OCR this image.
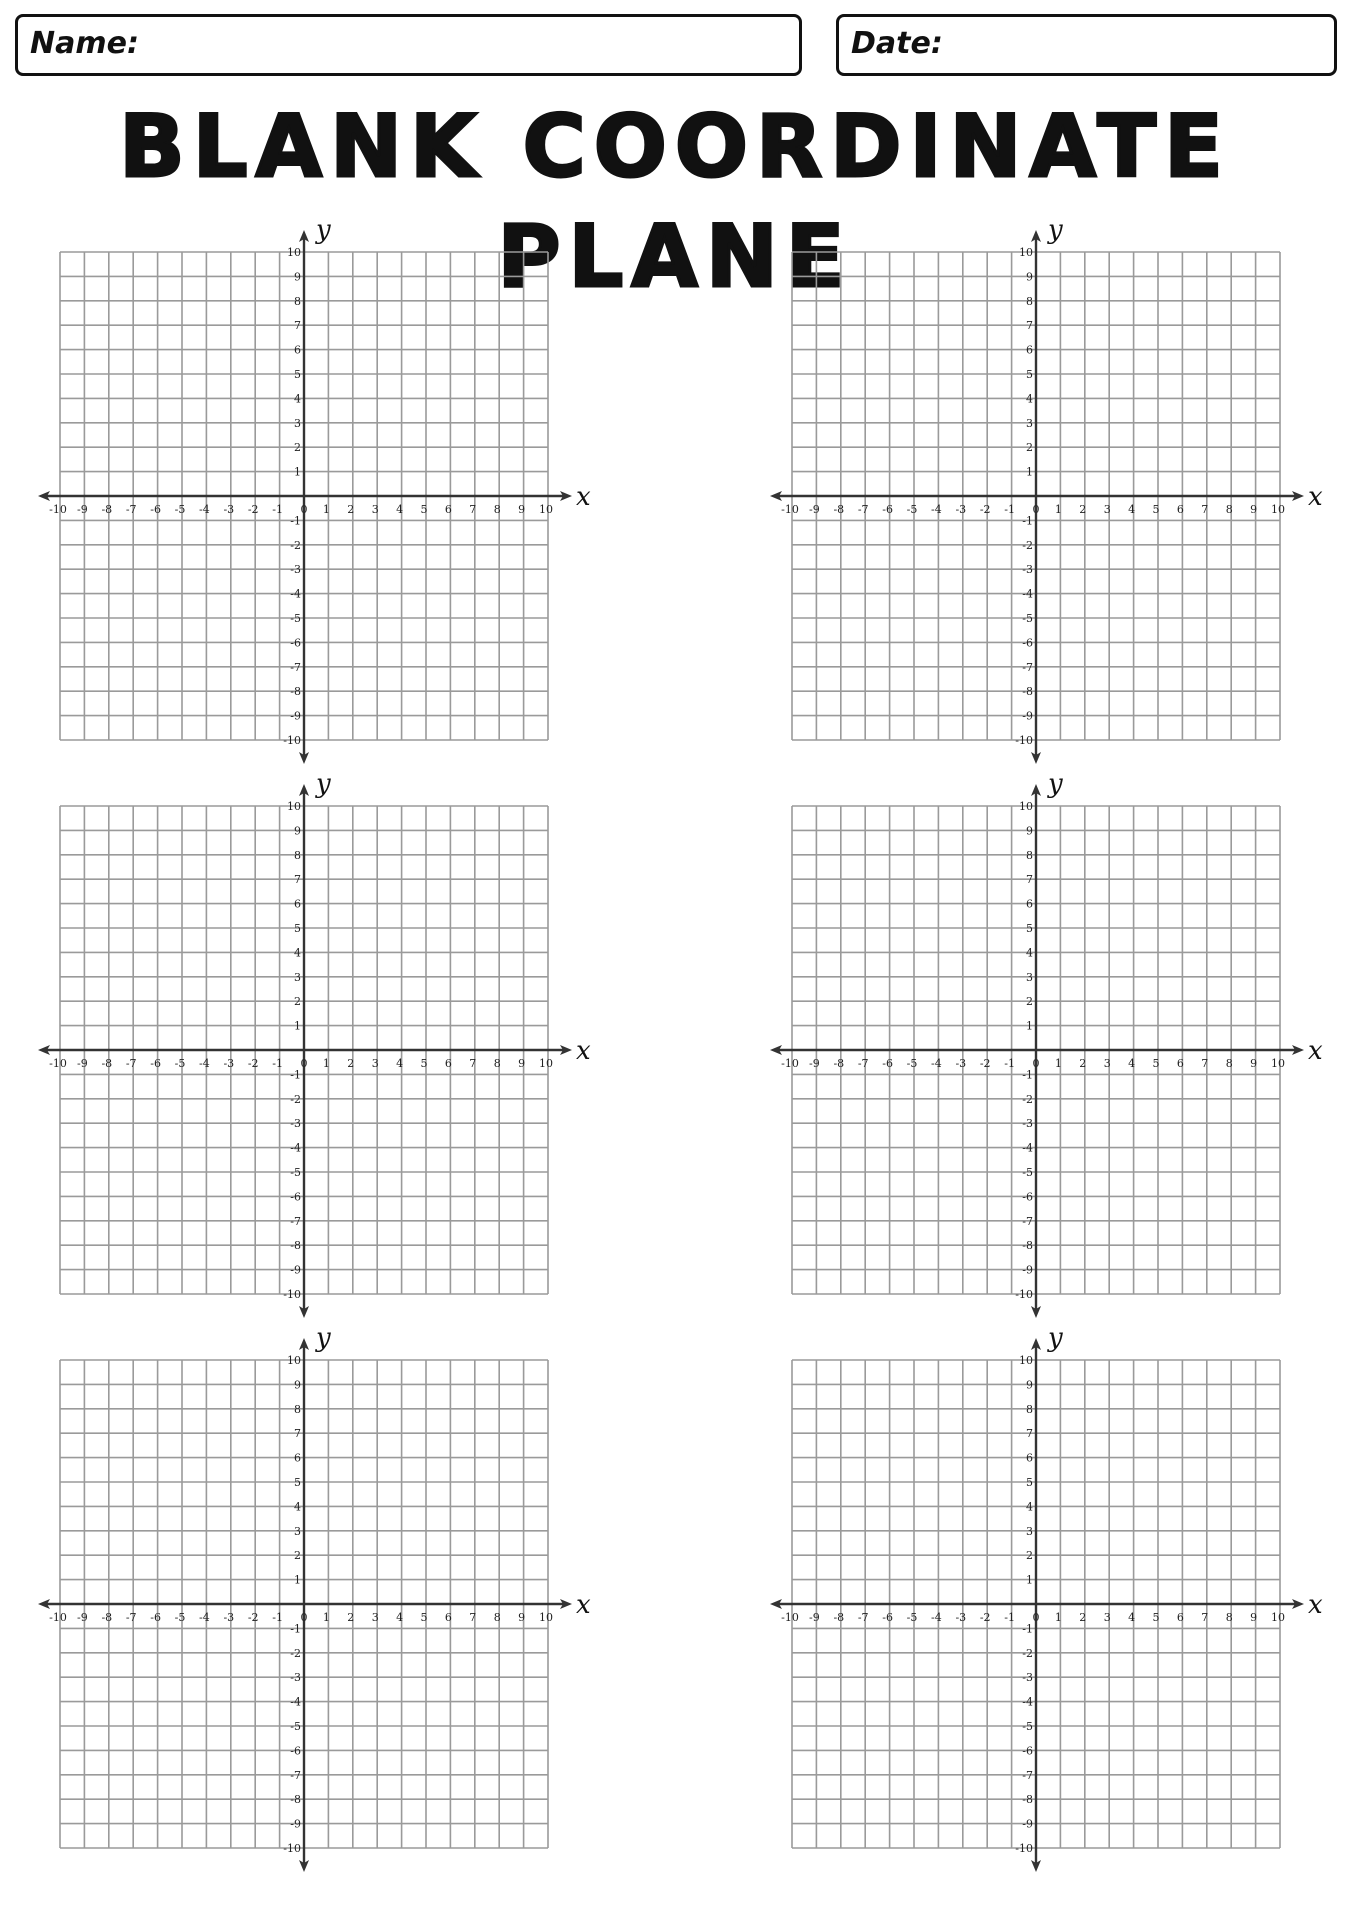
Name:	Date:
BLANK COORDINATE PLANE
-10 -9 -8 -7 -6 -5 -4 -3 -2 -1 0 1 2 3 4 5 6 7 8 9 10
-10
-9
-8
-7
-6
-5
-4
-3
-2
-1
1
2
3
4
5
6
7
8
9
10
x
y
-10 -9 -8 -7 -6 -5 -4 -3 -2 -1 0 1 2 3 4 5 6 7 8 9 10
-10
-9
-8
-7
-6
-5
-4
-3
-2
-1
1
2
3
4
5
6
7
8
9
10
x
y
-10 -9 -8 -7 -6 -5 -4 -3 -2 -1 0 1 2 3 4 5 6 7 8 9 10
-10
-9
-8
-7
-6
-5
-4
-3
-2
-1
1
2
3
4
5
6
7
8
9
10
x
y
-10 -9 -8 -7 -6 -5 -4 -3 -2 -1 0 1 2 3 4 5 6 7 8 9 10
-10
-9
-8
-7
-6
-5
-4
-3
-2
-1
1
2
3
4
5
6
7
8
9
10
x
y
-10 -9 -8 -7 -6 -5 -4 -3 -2 -1 0 1 2 3 4 5 6 7 8 9 10
-10
-9
-8
-7
-6
-5
-4
-3
-2
-1
1
2
3
4
5
6
7
8
9
10
x
y
-10 -9 -8 -7 -6 -5 -4 -3 -2 -1 0 1 2 3 4 5 6 7 8 9 10
-10
-9
-8
-7
-6
-5
-4
-3
-2
-1
1
2
3
4
5
6
7
8
9
10
x
y
